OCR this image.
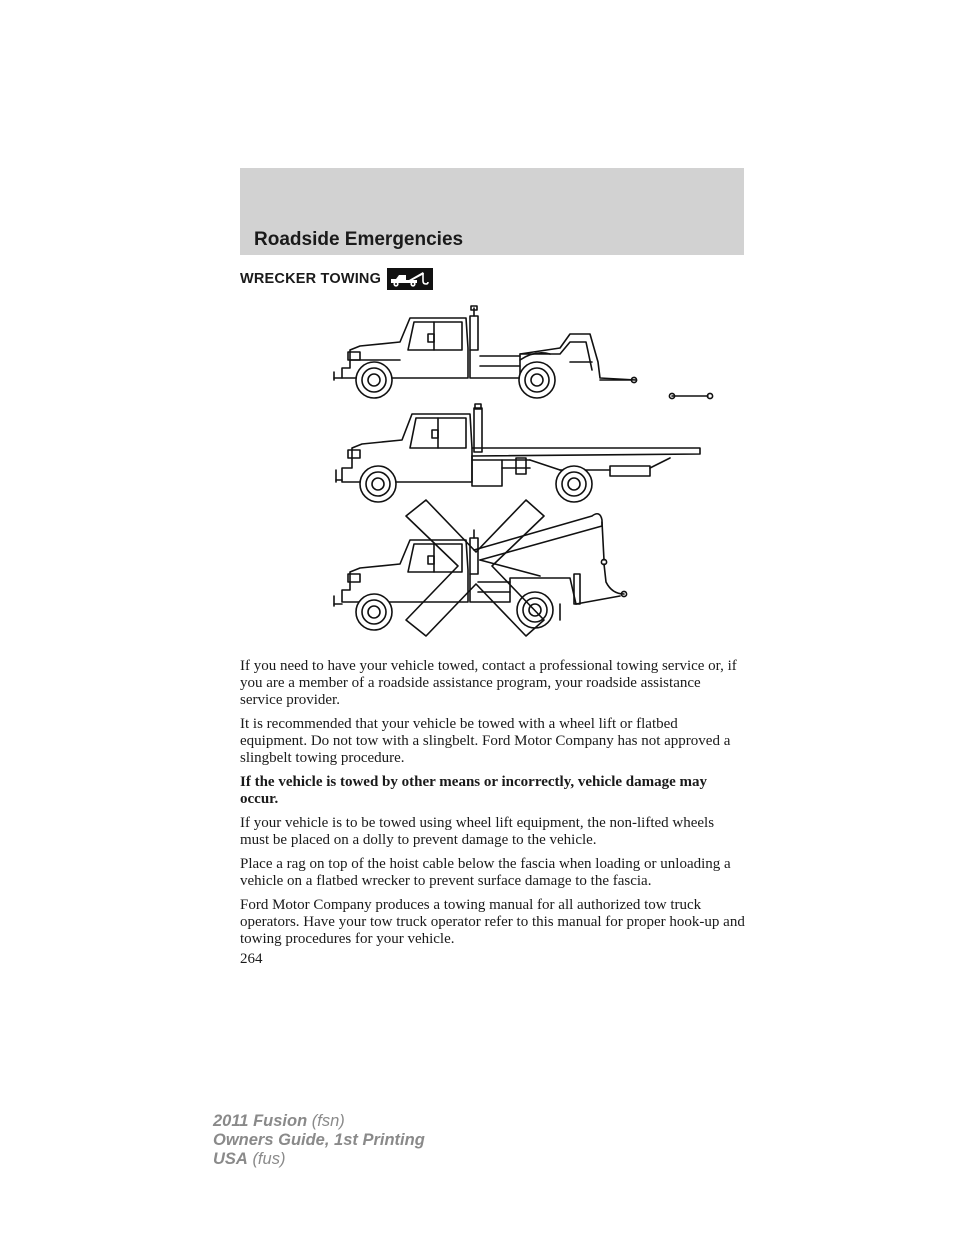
Roadside Emergencies
WRECKER TOWING

If you need to have your vehicle towed, contact a professional towing service or, if you are a member of a roadside assistance program, your roadside assistance service provider.

It is recommended that your vehicle be towed with a wheel lift or flatbed equipment. Do not tow with a slingbelt. Ford Motor Company has not approved a slingbelt towing procedure.

If the vehicle is towed by other means or incorrectly, vehicle damage may occur.

If your vehicle is to be towed using wheel lift equipment, the non-lifted wheels must be placed on a dolly to prevent damage to the vehicle.

Place a rag on top of the hoist cable below the fascia when loading or unloading a vehicle on a flatbed wrecker to prevent surface damage to the fascia.

Ford Motor Company produces a towing manual for all authorized tow truck operators. Have your tow truck operator refer to this manual for proper hook-up and towing procedures for your vehicle.

264
2011 Fusion (fsn)
Owners Guide, 1st Printing
USA (fus)
